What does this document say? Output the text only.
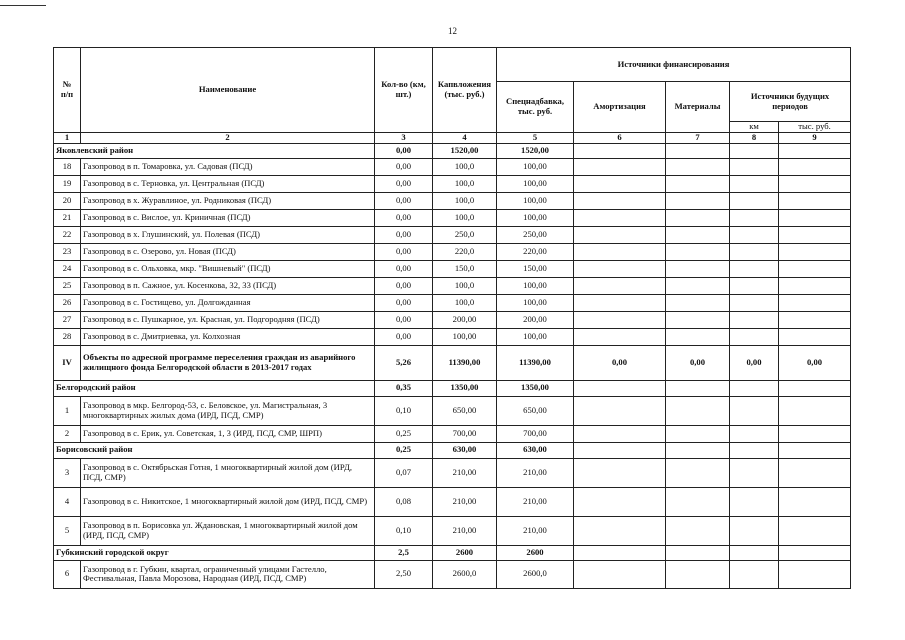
12
№
п/п	Наименование	Кол-во (км, шт.)	Капвложения (тыс. руб.)	Источники финансирования				
				Спецнадбавка, тыс. руб.	Амортизация	Материалы	Источники будущих периодов	
							км	тыс. руб.
1	2	3	4	5	6	7	8	9
Яковлевский район		0,00	1520,00	1520,00				
18	Газопровод в п. Томаровка, ул. Садовая (ПСД)	0,00	100,0	100,00				
19	Газопровод в с. Терновка, ул. Центральная (ПСД)	0,00	100,0	100,00				
20	Газопровод в х. Журавлиное, ул. Родниковая (ПСД)	0,00	100,0	100,00				
21	Газопровод в с. Вислое, ул. Криничная (ПСД)	0,00	100,0	100,00				
22	Газопровод в х. Глушинский, ул. Полевая (ПСД)	0,00	250,0	250,00				
23	Газопровод в с. Озерово, ул. Новая (ПСД)	0,00	220,0	220,00				
24	Газопровод в с. Ольховка, мкр. "Вишневый" (ПСД)	0,00	150,0	150,00				
25	Газопровод в п. Сажное, ул. Косенкова, 32, 33 (ПСД)	0,00	100,0	100,00				
26	Газопровод в с. Гостищево, ул. Долгожданная	0,00	100,0	100,00				
27	Газопровод в с. Пушкарное, ул. Красная, ул. Подгородняя (ПСД)	0,00	200,00	200,00				
28	Газопровод в с. Дмитриевка, ул. Колхозная	0,00	100,00	100,00				
IV	Объекты по адресной программе переселения граждан из аварийного жилищного фонда Белгородской области в 2013-2017 годах	5,26	11390,00	11390,00	0,00	0,00	0,00	0,00
Белгородский район		0,35	1350,00	1350,00				
1	Газопровод в мкр. Белгород-53, с. Беловское, ул. Магистральная, 3 многоквартирных жилых дома (ИРД, ПСД, СМР)	0,10	650,00	650,00				
2	Газопровод в с. Ерик, ул. Советская, 1, 3 (ИРД, ПСД, СМР, ШРП)	0,25	700,00	700,00				
Борисовский район		0,25	630,00	630,00				
3	Газопровод в с. Октябрьская Готня, 1 многоквартирный жилой дом (ИРД, ПСД, СМР)	0,07	210,00	210,00				
4	Газопровод в с. Никитское, 1 многоквартирный жилой дом (ИРД, ПСД, СМР)	0,08	210,00	210,00				
5	Газопровод в п. Борисовка ул. Ждановская, 1 многоквартирный жилой дом (ИРД, ПСД, СМР)	0,10	210,00	210,00				
Губкинский городской округ		2,5	2600	2600				
6	Газопровод в г. Губкин, квартал, ограниченный улицами Гастелло, Фестивальная, Павла Морозова, Народная (ИРД, ПСД, СМР)	2,50	2600,0	2600,0				
